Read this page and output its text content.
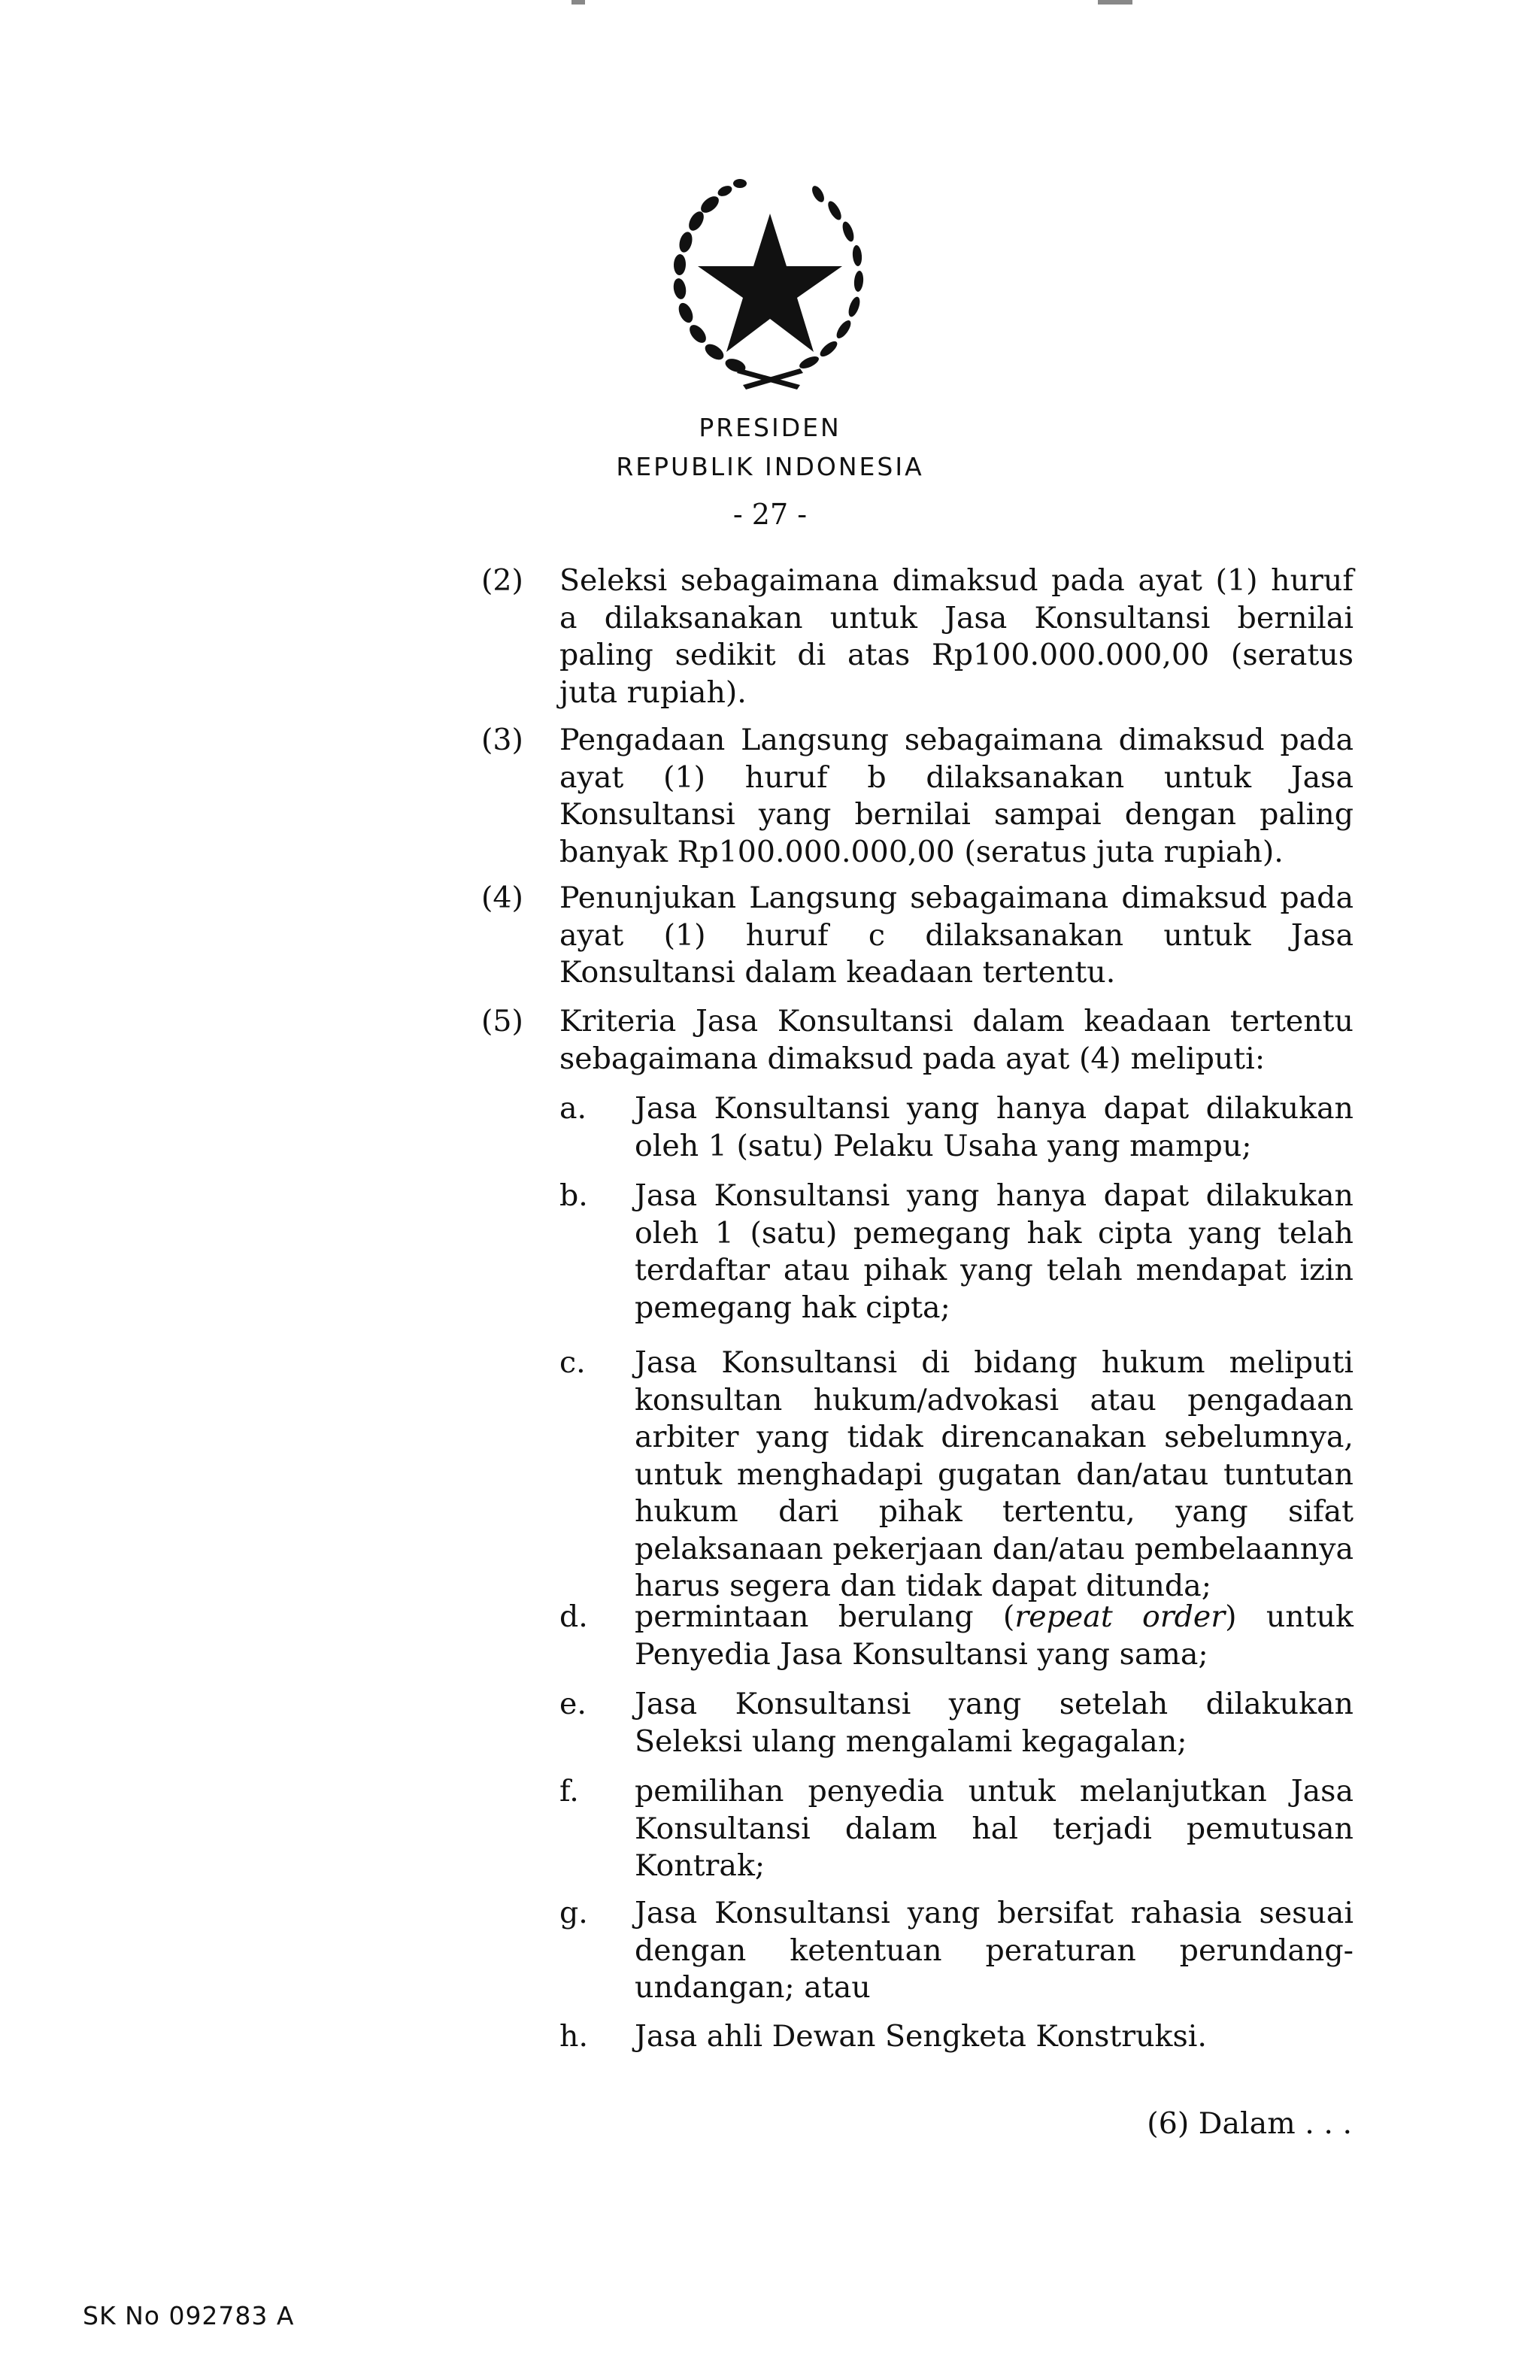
PRESIDEN
REPUBLIK INDONESIA
- 27 -
(2) Seleksi sebagaimana dimaksud pada ayat (1) huruf a dilaksanakan untuk Jasa Konsultansi bernilai paling sedikit di atas Rp100.000.000,00 (seratus juta rupiah).
(3) Pengadaan Langsung sebagaimana dimaksud pada ayat (1) huruf b dilaksanakan untuk Jasa Konsultansi yang bernilai sampai dengan paling banyak Rp100.000.000,00 (seratus juta rupiah).
(4) Penunjukan Langsung sebagaimana dimaksud pada ayat (1) huruf c dilaksanakan untuk Jasa Konsultansi dalam keadaan tertentu.
(5) Kriteria Jasa Konsultansi dalam keadaan tertentu sebagaimana dimaksud pada ayat (4) meliputi:
a. Jasa Konsultansi yang hanya dapat dilakukan oleh 1 (satu) Pelaku Usaha yang mampu;
b. Jasa Konsultansi yang hanya dapat dilakukan oleh 1 (satu) pemegang hak cipta yang telah terdaftar atau pihak yang telah mendapat izin pemegang hak cipta;
c. Jasa Konsultansi di bidang hukum meliputi konsultan hukum/advokasi atau pengadaan arbiter yang tidak direncanakan sebelumnya, untuk menghadapi gugatan dan/atau tuntutan hukum dari pihak tertentu, yang sifat pelaksanaan pekerjaan dan/atau pembelaannya harus segera dan tidak dapat ditunda;
d. permintaan berulang (repeat order) untuk Penyedia Jasa Konsultansi yang sama;
e. Jasa Konsultansi yang setelah dilakukan Seleksi ulang mengalami kegagalan;
f. pemilihan penyedia untuk melanjutkan Jasa Konsultansi dalam hal terjadi pemutusan Kontrak;
g. Jasa Konsultansi yang bersifat rahasia sesuai dengan ketentuan peraturan perundang-undangan; atau
h. Jasa ahli Dewan Sengketa Konstruksi.
(6) Dalam . . .
SK No 092783 A
